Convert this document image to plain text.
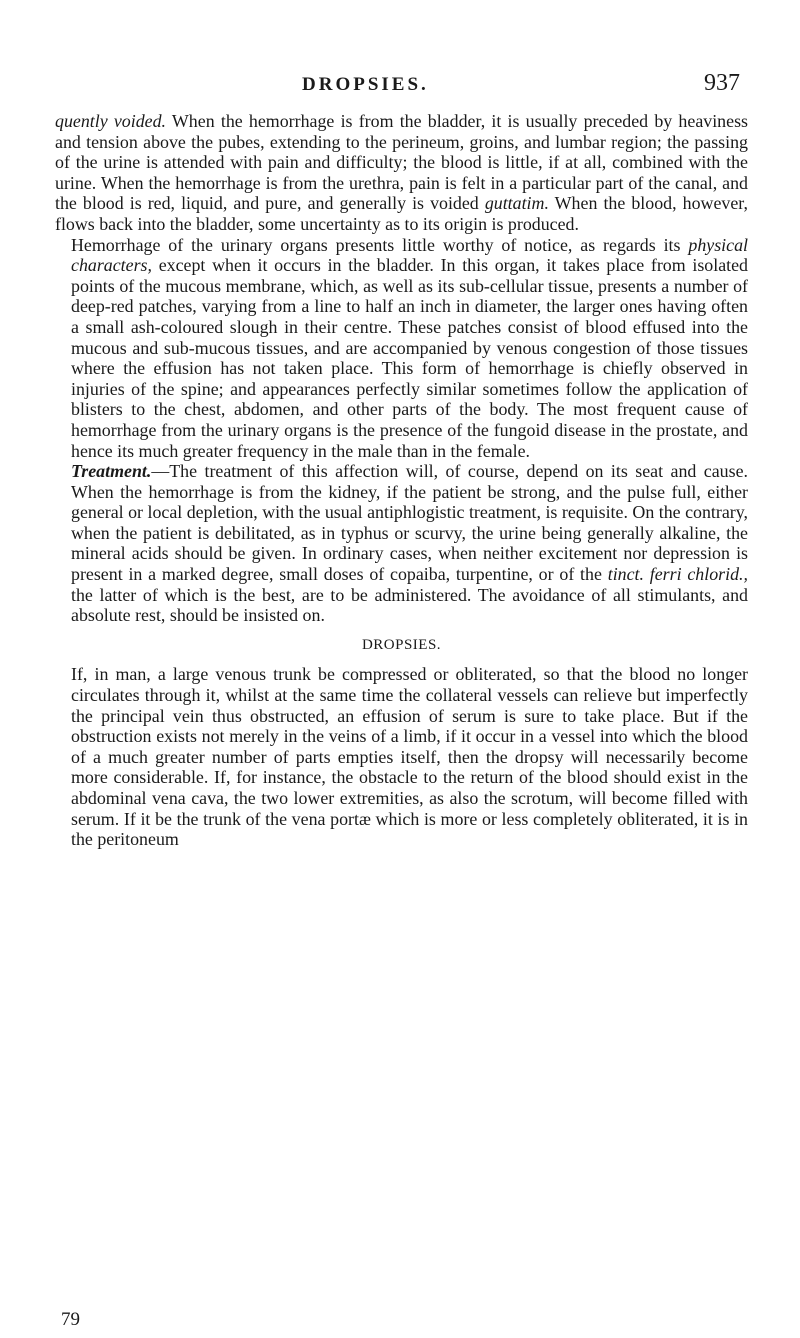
DROPSIES.	937

quently voided. When the hemorrhage is from the bladder, it is usually preceded by heaviness and tension above the pubes, extending to the perineum, groins, and lumbar region; the passing of the urine is attended with pain and difficulty; the blood is little, if at all, combined with the urine. When the hemorrhage is from the urethra, pain is felt in a particular part of the canal, and the blood is red, liquid, and pure, and generally is voided guttatim. When the blood, however, flows back into the bladder, some uncertainty as to its origin is produced.

Hemorrhage of the urinary organs presents little worthy of notice, as regards its physical characters, except when it occurs in the bladder. In this organ, it takes place from isolated points of the mucous membrane, which, as well as its sub-cellular tissue, presents a number of deep-red patches, varying from a line to half an inch in diameter, the larger ones having often a small ash-coloured slough in their centre. These patches consist of blood effused into the mucous and sub-mucous tissues, and are accompanied by venous congestion of those tissues where the effusion has not taken place. This form of hemorrhage is chiefly observed in injuries of the spine; and appearances perfectly similar sometimes follow the application of blisters to the chest, abdomen, and other parts of the body. The most frequent cause of hemorrhage from the urinary organs is the presence of the fungoid disease in the prostate, and hence its much greater frequency in the male than in the female.

Treatment.—The treatment of this affection will, of course, depend on its seat and cause. When the hemorrhage is from the kidney, if the patient be strong, and the pulse full, either general or local depletion, with the usual antiphlogistic treatment, is requisite. On the contrary, when the patient is debilitated, as in typhus or scurvy, the urine being generally alkaline, the mineral acids should be given. In ordinary cases, when neither excitement nor depression is present in a marked degree, small doses of copaiba, turpentine, or of the tinct. ferri chlorid., the latter of which is the best, are to be administered. The avoidance of all stimulants, and absolute rest, should be insisted on.

DROPSIES.

If, in man, a large venous trunk be compressed or obliterated, so that the blood no longer circulates through it, whilst at the same time the collateral vessels can relieve but imperfectly the principal vein thus obstructed, an effusion of serum is sure to take place. But if the obstruction exists not merely in the veins of a limb, if it occur in a vessel into which the blood of a much greater number of parts empties itself, then the dropsy will necessarily become more considerable. If, for instance, the obstacle to the return of the blood should exist in the abdominal vena cava, the two lower extremities, as also the scrotum, will become filled with serum. If it be the trunk of the vena portæ which is more or less completely obliterated, it is in the peritoneum

79
